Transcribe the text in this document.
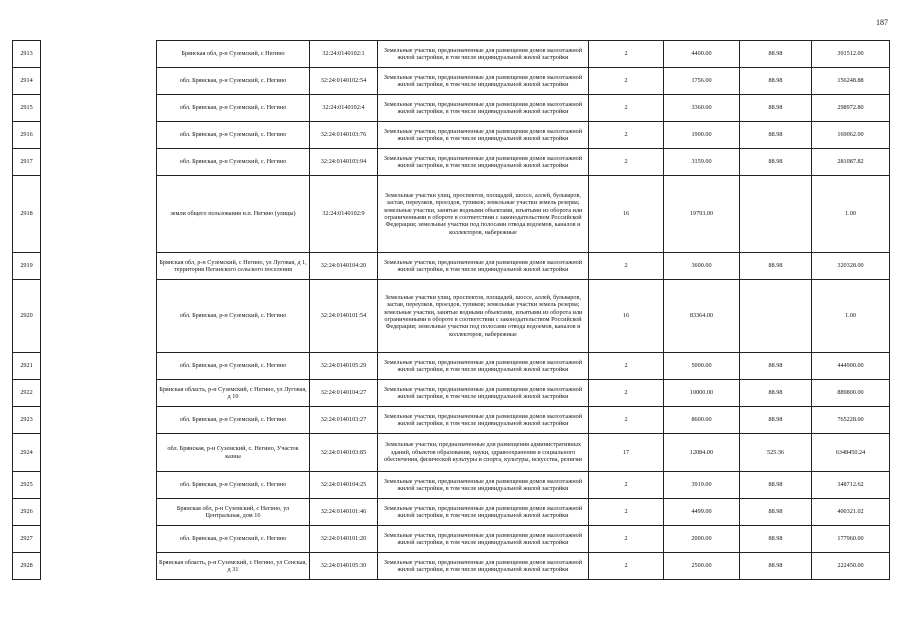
187
2913		Брянская обл, р-н Суземский, с Негино	32:24:0140102:1	Земельные участки, предназначенные для размещения домов малоэтажной жилой застройки, в том числе индивидуальной жилой застройки	2	4400.00	88.98	391512.00
2914		обл. Брянская, р-н Суземский, с. Негино	32:24:0140102:54	Земельные участки, предназначенные для размещения домов малоэтажной жилой застройки, в том числе индивидуальной жилой застройки	2	1756.00	88.98	156248.88
2915		обл. Брянская, р-н Суземский, с. Негино	32:24:0140102:4	Земельные участки, предназначенные для размещения домов малоэтажной жилой застройки, в том числе индивидуальной жилой застройки	2	3360.00	88.98	298972.80
2916		обл. Брянская, р-н Суземский, с. Негино	32:24:0140103:76	Земельные участки, предназначенные для размещения домов малоэтажной жилой застройки, в том числе индивидуальной жилой застройки	2	1900.00	88.98	169062.00
2917		обл. Брянская, р-н Суземский, с. Негино	32:24:0140103:94	Земельные участки, предназначенные для размещения домов малоэтажной жилой застройки, в том числе индивидуальной жилой застройки	2	3159.00	88.98	281087.82
2918		земли общего пользования н.п. Негино (улицы)	32:24:0140102:9	Земельные участки улиц, проспектов, площадей, шоссе, аллей, бульваров, застав, переулков, проездов, тупиков; земельные участки земель резерва; земельные участки, занятые водными объектами, изъятыми из оборота или ограниченными в обороте в соответствии с законодательством Российской Федерации; земельные участки под полосами отвода водоемов, каналов и коллекторов, набережные	16	19793.00		1.00
2919		Брянская обл, р-н Суземский, с Негино, ул Луговая, д 1, территория Негинского сельского поселения	32:24:0140104:20	Земельные участки, предназначенные для размещения домов малоэтажной жилой застройки, в том числе индивидуальной жилой застройки	2	3600.00	88.98	320328.00
2920		обл. Брянская, р-н Суземский, с. Негино	32:24:0140101:54	Земельные участки улиц, проспектов, площадей, шоссе, аллей, бульваров, застав, переулков, проездов, тупиков; земельные участки земель резерва; земельные участки, занятые водными объектами, изъятыми из оборота или ограниченными в обороте в соответствии с законодательством Российской Федерации; земельные участки под полосами отвода водоемов, каналов и коллекторов, набережные	16	83364.00		1.00
2921		обл. Брянская, р-н Суземский, с. Негино	32:24:0140105:29	Земельные участки, предназначенные для размещения домов малоэтажной жилой застройки, в том числе индивидуальной жилой застройки	2	5000.00	88.98	444900.00
2922		Брянская область, р-н Суземский, с Негино, ул Луговая, д 10	32:24:0140104:27	Земельные участки, предназначенные для размещения домов малоэтажной жилой застройки, в том числе индивидуальной жилой застройки	2	10000.00	88.98	889800.00
2923		обл. Брянская, р-н Суземский, с. Негино	32:24:0140103:27	Земельные участки, предназначенные для размещения домов малоэтажной жилой застройки, в том числе индивидуальной жилой застройки	2	8600.00	88.98	765228.00
2924		обл. Брянская, р-н Суземский, с. Негино, Участок казны	32:24:0140103:85	Земельные участки, предназначенные для размещения административных зданий, объектов образования, науки, здравоохранения и социального обеспечения, физической культуры и спорта, культуры, искусства, религии	17	12084.00	525.36	6348450.24
2925		обл. Брянская, р-н Суземский, с. Негино	32:24:0140104:25	Земельные участки, предназначенные для размещения домов малоэтажной жилой застройки, в том числе индивидуальной жилой застройки	2	3919.00	88.98	348712.62
2926		Брянская обл, р-н Суземский, с Негино, ул Центральная, дом 16	32:24:0140101:46	Земельные участки, предназначенные для размещения домов малоэтажной жилой застройки, в том числе индивидуальной жилой застройки	2	4499.00	88.98	400321.02
2927		обл. Брянская, р-н Суземский, с. Негино	32:24:0140101:20	Земельные участки, предназначенные для размещения домов малоэтажной жилой застройки, в том числе индивидуальной жилой застройки	2	2000.00	88.98	177960.00
2928		Брянская область, р-н Суземский, с Негино, ул Сенская, д 31	32:24:0140105:30	Земельные участки, предназначенные для размещения домов малоэтажной жилой застройки, в том числе индивидуальной жилой застройки	2	2500.00	88.98	222450.00
